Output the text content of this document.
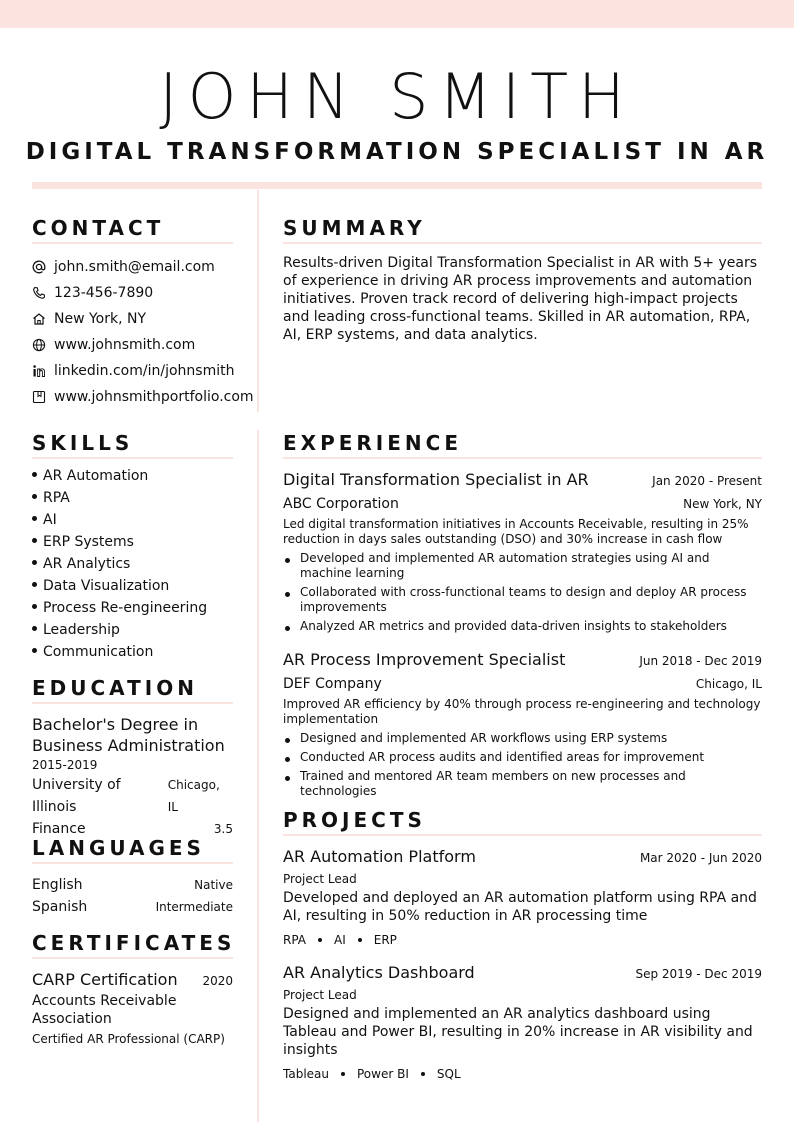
JOHN SMITH
DIGITAL TRANSFORMATION SPECIALIST IN AR
CONTACT
john.smith@email.com
123-456-7890
New York, NY
www.johnsmith.com
linkedin.com/in/johnsmith
www.johnsmithportfolio.com
SUMMARY
Results-driven Digital Transformation Specialist in AR with 5+ years of experience in driving AR process improvements and automation initiatives. Proven track record of delivering high-impact projects and leading cross-functional teams. Skilled in AR automation, RPA, AI, ERP systems, and data analytics.
SKILLS
AR Automation
RPA
AI
ERP Systems
AR Analytics
Data Visualization
Process Re-engineering
Leadership
Communication
EDUCATION
Bachelor's Degree in Business Administration
2015-2019
University of Illinois
Chicago, IL
Finance	3.5
LANGUAGES
English	Native
Spanish	Intermediate
CERTIFICATES
CARP Certification 2020
Accounts Receivable Association
Certified AR Professional (CARP)
EXPERIENCE
Digital Transformation Specialist in AR	Jan 2020 - Present
ABC Corporation	New York, NY
Led digital transformation initiatives in Accounts Receivable, resulting in 25% reduction in days sales outstanding (DSO) and 30% increase in cash flow
Developed and implemented AR automation strategies using AI and machine learning
Collaborated with cross-functional teams to design and deploy AR process improvements
Analyzed AR metrics and provided data-driven insights to stakeholders
AR Process Improvement Specialist	Jun 2018 - Dec 2019
DEF Company	Chicago, IL
Improved AR efficiency by 40% through process re-engineering and technology implementation
Designed and implemented AR workflows using ERP systems
Conducted AR process audits and identified areas for improvement
Trained and mentored AR team members on new processes and technologies
PROJECTS
AR Automation Platform	Mar 2020 - Jun 2020
Project Lead
Developed and deployed an AR automation platform using RPA and AI, resulting in 50% reduction in AR processing time
RPA AI ERP
AR Analytics Dashboard	Sep 2019 - Dec 2019
Project Lead
Designed and implemented an AR analytics dashboard using Tableau and Power BI, resulting in 20% increase in AR visibility and insights
Tableau Power BI SQL
